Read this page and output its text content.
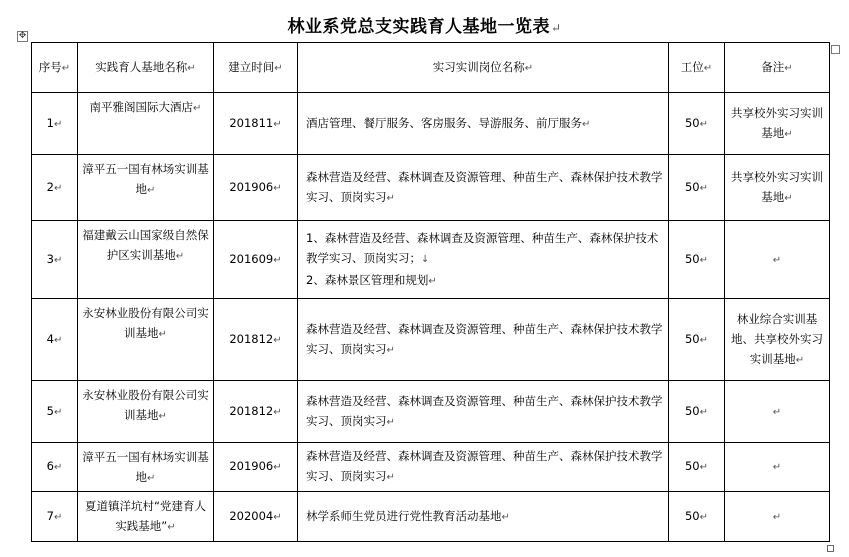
林业系党总支实践育人基地一览表↵
✥
序号↵	实践育人基地名称↵	建立时间↵	实习实训岗位名称↵	工位↵	备注↵
1↵	南平雅阁国际大酒店↵	201811↵	酒店管理、餐厅服务、客房服务、导游服务、前厅服务↵	50↵	共享校外实习实训基地↵
2↵	漳平五一国有林场实训基地↵	201906↵	森林营造及经营、森林调查及资源管理、种苗生产、森林保护技术教学实习、顶岗实习↵	50↵	共享校外实习实训基地↵
3↵	福建戴云山国家级自然保护区实训基地↵	201609↵	1、森林营造及经营、森林调查及资源管理、种苗生产、森林保护技术教学实习、顶岗实习；↓
2、森林景区管理和规划↵	50↵	↵
4↵	永安林业股份有限公司实训基地↵	201812↵	森林营造及经营、森林调查及资源管理、种苗生产、森林保护技术教学实习、顶岗实习↵	50↵	林业综合实训基地、共享校外实习实训基地↵
5↵	永安林业股份有限公司实训基地↵	201812↵	森林营造及经营、森林调查及资源管理、种苗生产、森林保护技术教学实习、顶岗实习↵	50↵	↵
6↵	漳平五一国有林场实训基地↵	201906↵	森林营造及经营、森林调查及资源管理、种苗生产、森林保护技术教学实习、顶岗实习↵	50↵	↵
7↵	夏道镇洋坑村“党建育人实践基地”↵	202004↵	林学系师生党员进行党性教育活动基地↵	50↵	↵
